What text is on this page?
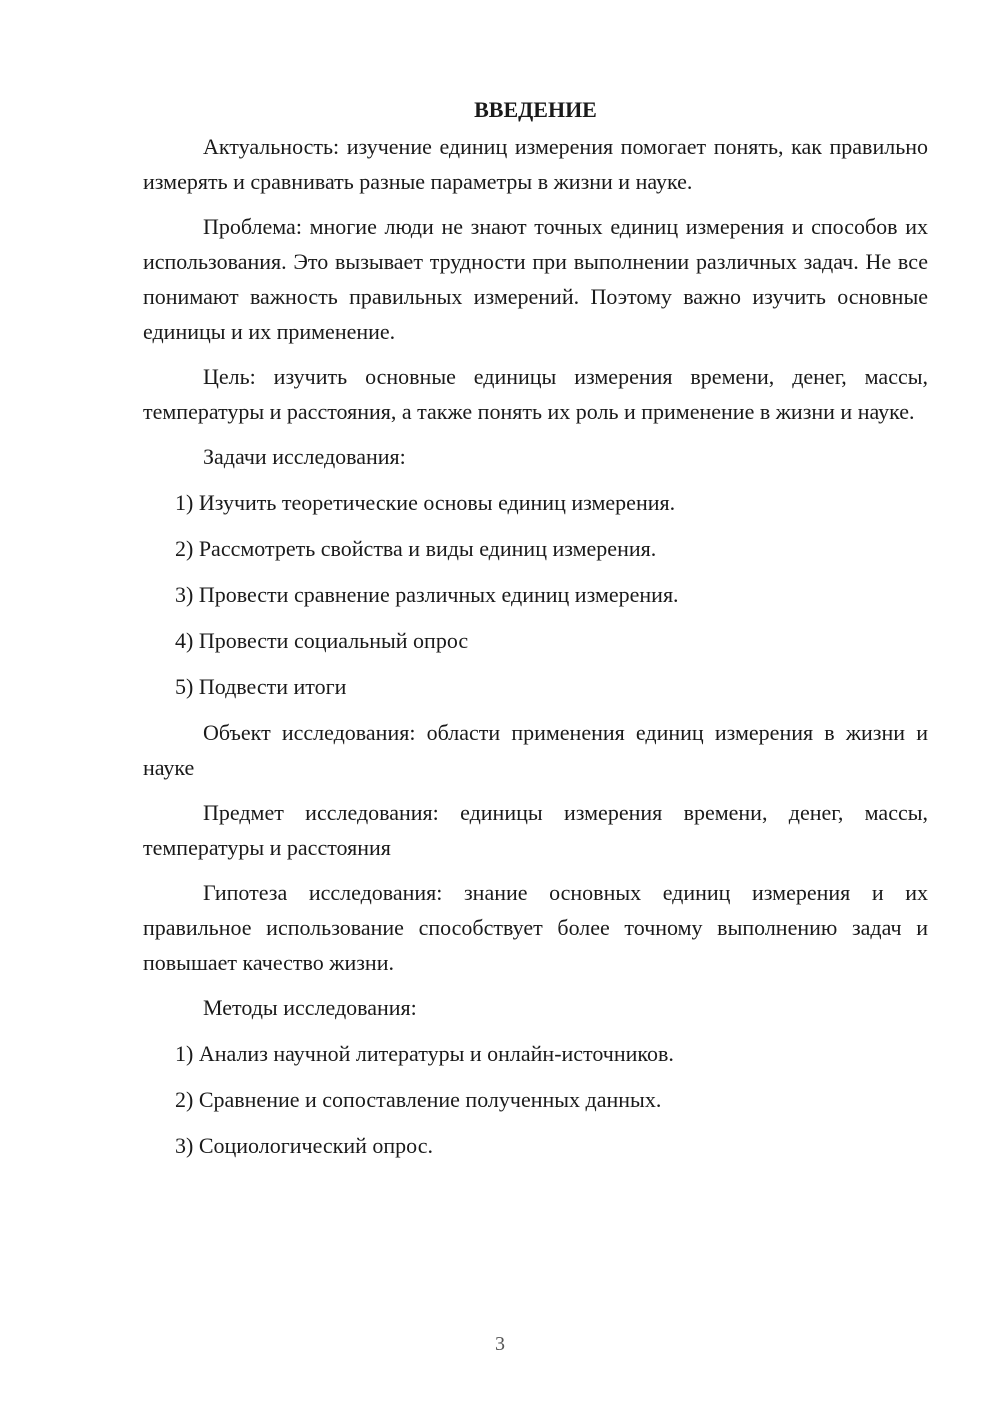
ВВЕДЕНИЕ

Актуальность: изучение единиц измерения помогает понять, как правильно измерять и сравнивать разные параметры в жизни и науке.

Проблема: многие люди не знают точных единиц измерения и способов их использования. Это вызывает трудности при выполнении различных задач. Не все понимают важность правильных измерений. Поэтому важно изучить основные единицы и их применение.

Цель: изучить основные единицы измерения времени, денег, массы, температуры и расстояния, а также понять их роль и применение в жизни и науке.

Задачи исследования:
1) Изучить теоретические основы единиц измерения.
2) Рассмотреть свойства и виды единиц измерения.
3) Провести сравнение различных единиц измерения.
4) Провести социальный опрос
5) Подвести итоги

Объект исследования: области применения единиц измерения в жизни и науке

Предмет исследования: единицы измерения времени, денег, массы, температуры и расстояния

Гипотеза исследования: знание основных единиц измерения и их правильное использование способствует более точному выполнению задач и повышает качество жизни.

Методы исследования:
1) Анализ научной литературы и онлайн-источников.
2) Сравнение и сопоставление полученных данных.
3) Социологический опрос.
3
